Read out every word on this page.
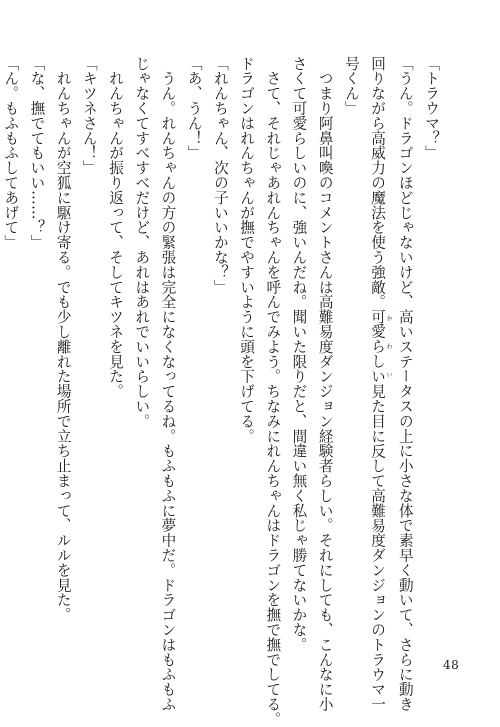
「トラウマ？」

「うん。ドラゴンほどじゃないけど、高いステータスの上に小さな体で素早く動いて、さらに動き

回りながら高威力の魔法を使う強敵。可愛らしい かわい見た目に反して高難易度ダンジョンのトラウマ一

号くん」

　つまり阿鼻叫喚のコメントさんは高難易度ダンジョン経験者らしい。それにしても、こんなに小

さくて可愛らしいのに、強いんだね。聞いた限りだと、間違い無く私じゃ勝てないかな。

　さて、それじゃあれんちゃんを呼んでみよう。ちなみにれんちゃんはドラゴンを撫で撫でしてる。

ドラゴンはれんちゃんが撫でやすいように頭を下げてる。

「れんちゃん、次の子いいかな？」

「あ、うん！」

　うん。れんちゃんの方の緊張は完全になくなってるね。もふもふに夢中だ。ドラゴンはもふもふ

じゃなくてすべすべだけど、あれはあれでいいらしい。

　れんちゃんが振り返って、そしてキツネを見た。

「キツネさん！」

　れんちゃんが空狐に駆け寄る。でも少し離れた場所で立ち止まって、ルルを見た。

「な、撫でてもいい……？」

「ん。もふもふしてあげて」

48
